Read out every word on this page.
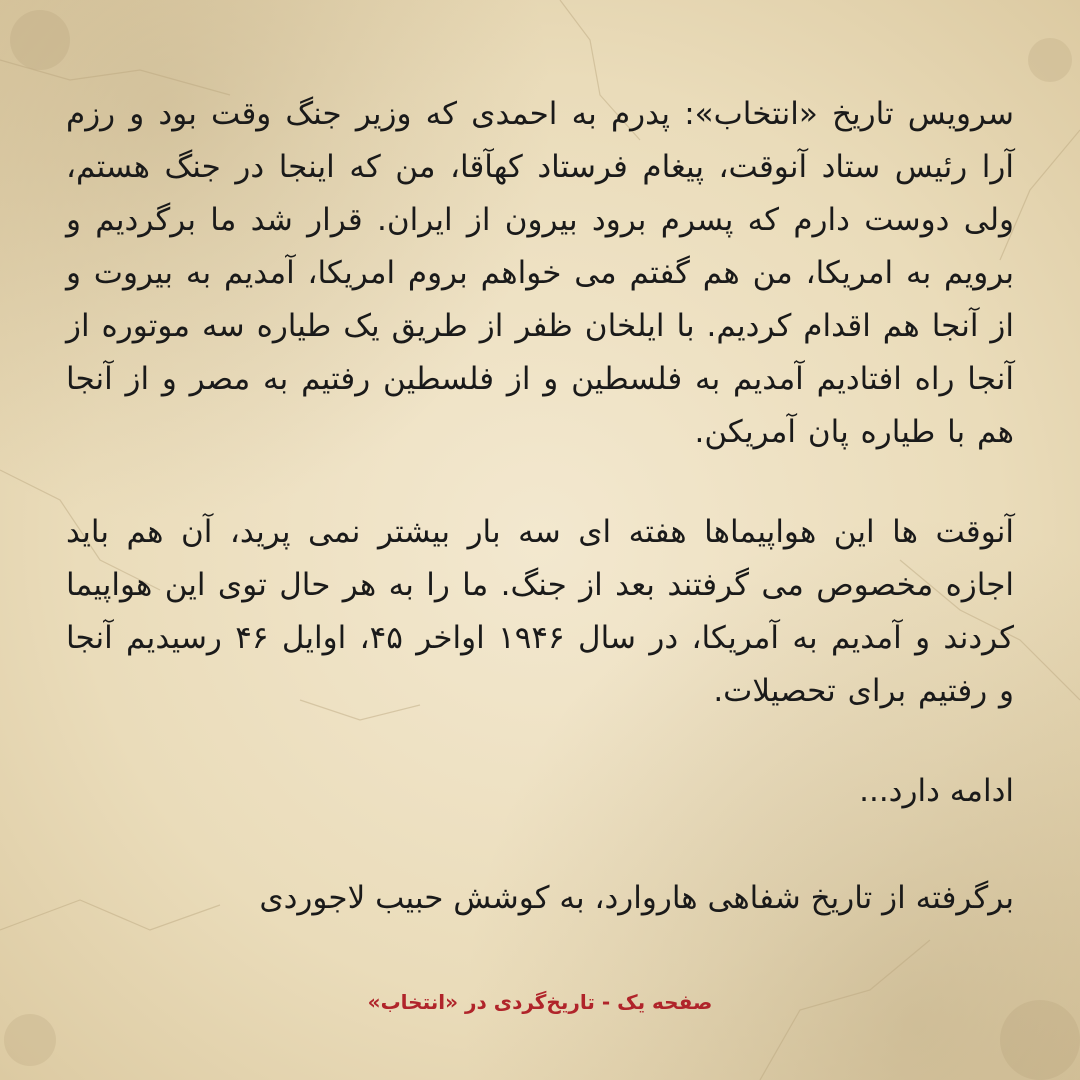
سرویس تاریخ «انتخاب»: پدرم به احمدی که وزیر جنگ وقت بود و رزم آرا رئیس ستاد آنوقت، پیغام فرستاد کهآقا، من که اینجا در جنگ هستم، ولی دوست دارم که پسرم برود بیرون از ایران. قرار شد ما برگردیم و برویم به امریکا، من هم گفتم می خواهم بروم امریکا، آمدیم به بیروت و از آنجا هم اقدام کردیم. با ایلخان ظفر از طریق یک طیاره سه موتوره از آنجا راه افتادیم آمدیم به فلسطین و از فلسطین رفتیم به مصر و از آنجا هم با طیاره پان آمریکن.

آنوقت ها این هواپیماها هفته ای سه بار بیشتر نمی پرید، آن هم باید اجازه مخصوص می گرفتند بعد از جنگ. ما را به هر حال توی این هواپیما کردند و آمدیم به آمریکا، در سال ۱۹۴۶ اواخر ۴۵، اوایل ۴۶ رسیدیم آنجا و رفتیم برای تحصیلات.

ادامه دارد...

برگرفته از تاریخ شفاهی هاروارد، به کوشش حبیب لاجوردی

صفحه یک - تاریخ‌گردی در «انتخاب»
